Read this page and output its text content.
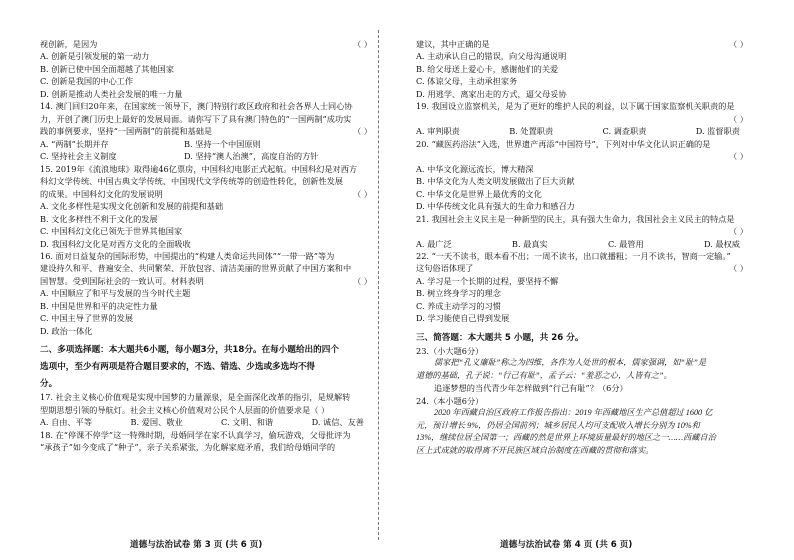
视创新，是因为	（ ）
A. 创新是引领发展的第一动力
B. 创新已使中国全面超越了其他国家
C. 创新是我国的中心工作
D. 创新是推动人类社会发展的唯一力量
14. 澳门回归20年来，在国家统一领导下，澳门特别行政区政府和社会各界人士同心协
力，开创了澳门历史上最好的发展局面。请你写下了具有澳门特色的“一国两制”成功实
践的事例要求，坚持“一国两制”的前提和基础是	（ ）
A. “两制”长期并存	B. 坚持一个中国原则
C. 坚持社会主义制度	D. 坚持“澳人治澳”，高度自治的方针
15. 2019年《流浪地球》取得逾46亿票房，中国科幻电影正式起航。中国科幻是对西方
科幻文学传统、中国古典文学传统、中国现代文学传统等的创造性转化，创新性发展
的成果。中国科幻文化的发展说明	（ ）
A. 文化多样性是实现文化创新和发展的前提和基础
B. 文化多样性不利于文化的发展
C. 中国科幻文化已领先于世界其他国家
D. 我国科幻文化是对西方文化的全面吸收
16. 面对日益复杂的国际形势，中国提出的“构建人类命运共同体”“一带一路”等为
建设持久和平、普遍安全、共同繁荣、开放包容、清洁美丽的世界贡献了中国方案和中
国智慧。受到国际社会的一致认可。材料表明	（ ）
A. 中国顺应了和平与发展的当今时代主题
B. 中国是世界和平的决定性力量
C. 中国主导了世界的发展
D. 政治一体化
二、多项选择题：本大题共6小题，每小题3分，共18分。在每小题给出的四个
选项中，至少有两项是符合题目要求的，不选、错选、少选或多选均不得
分。
17. 社会主义核心价值观是实现中国梦的力量源泉，是全面深化改革的指引，是规解转
型期思想引领的导航灯。社会主义核心价值观对公民个人层面的价值要求是（ ）
A. 自由、平等	B. 爱国、敬业	C. 文明、和谐	D. 诚信、友善
18. 在“停课不停学”这一特殊时期，母婚同学在家不认真学习，偷玩游戏，父母批评为
“承孩子”如今变成了“种子”，亲子关系紧张，为化解家庭矛盾，我们给母婚同学的
建议，其中正确的是	（ ）
A. 主动承认自己的错误，向父母沟通说明
B. 给父母送上爱心卡，感谢他们的关爱
C. 体谅父母，主动承担家务
D. 用逃学、离家出走的方式，逼父母妥协
19. 我国设立监察机关，是为了更好的维护人民的利益，以下属于国家监察机关职责的是
（ ）

A. 审判职责	B. 处置职责	C. 调查职责	D. 监督职责
20. “藏医药浴法”入选，世界遗产再添“中国符号”，下列对中华文化认识正确的是
（ ）

A. 中华文化源远流长，博大精深
B. 中华文化为人类文明发展做出了巨大贡献
C. 中华文化是世界上最优秀的文化
D. 中华传统文化具有强大的生命力和感召力
21. 我国社会主义民主是一种新型的民主，具有强大生命力，我国社会主义民主的特点是
（ ）

A. 最广泛	B. 最真实	C. 最管用	D. 最权威
22. “一天不读书，眼本看不出；一周不读书，出口就播粗；一月不读书，智商一定输。”
这句俗语体现了	（ ）
A. 学习是一个长期的过程，要坚持不懈
B. 树立终身学习的理念
C. 养成主动学习的习惯
D. 学习能使自己得到发展
三、简答题：本大题共 5 小题，共 26 分。
23.（小大题6分）
儒家把“孔义廉耻”称之为四维，各作为人处世的根本，儒家强调，如“耻”是
道德的基础，孔子说：“行己有耻”，孟子云：“羞恶之心，人皆有之”。
追逐梦想的当代青少年怎样做到“行己有耻”？（6分）
24.（本小题6分）
2020 年西藏自治区政府工作报告指出：2019 年西藏地区生产总值超过 1600 亿
元，预计增长 9%，仍居全国前列；城乡居民人均可支配收入增长分别为 10%和
13%，继续位居全国第一；西藏的然是世界上环境质量最好的地区之一……西藏自治
区上式成就的取得离不开民族区域自治制度在西藏的贯彻和落实。
道德与法治试卷 第 3 页 (共 6 页)	道德与法治试卷 第 4 页 (共 6 页)
